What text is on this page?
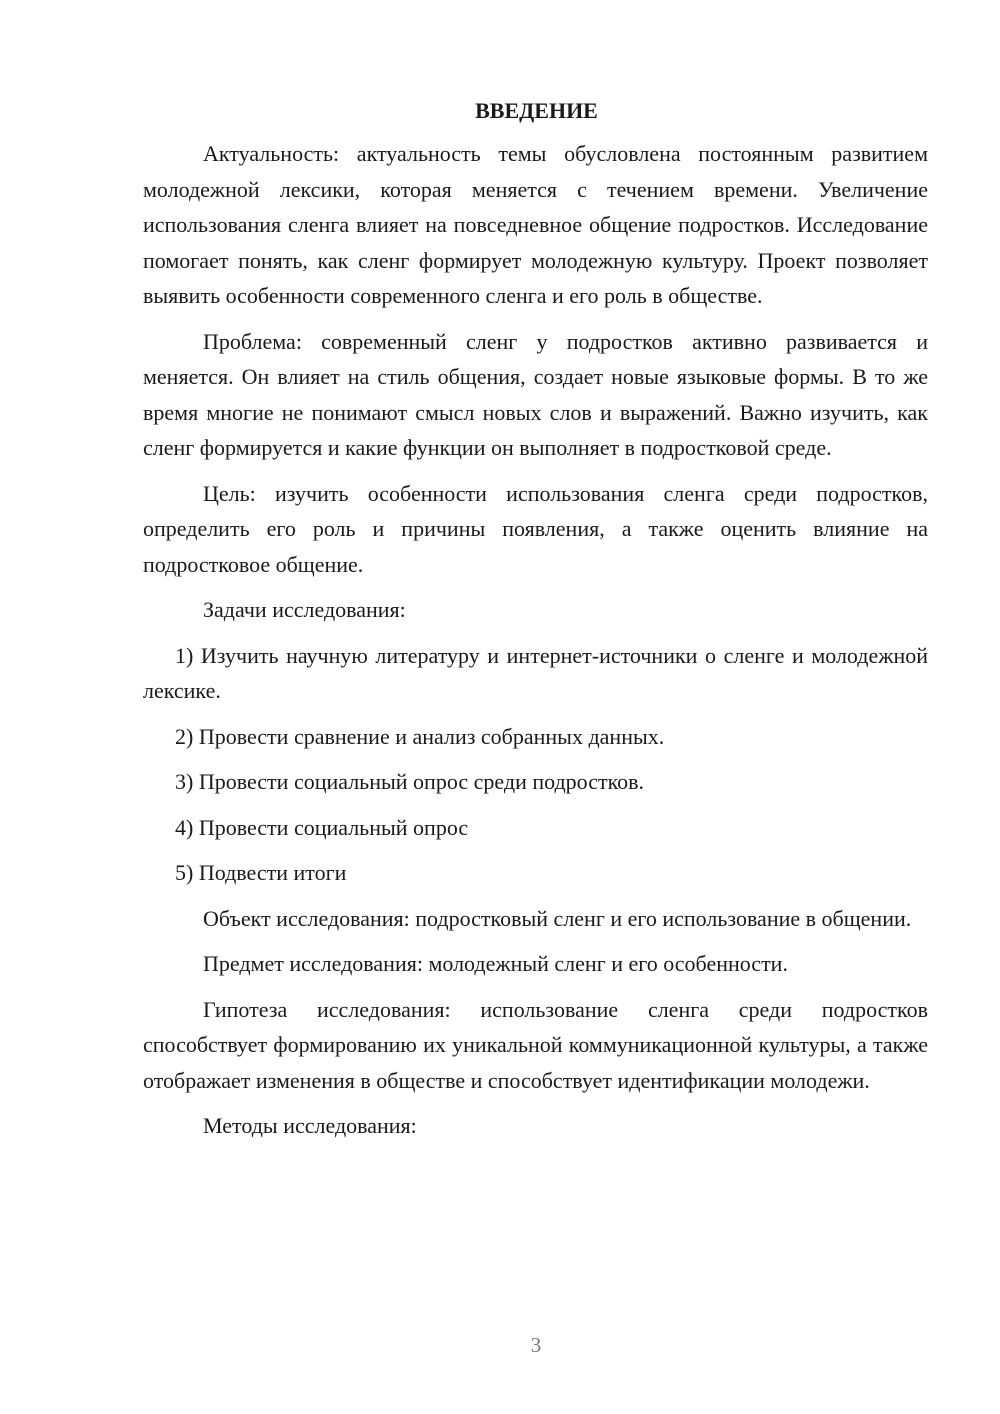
ВВЕДЕНИЕ

Актуальность: актуальность темы обусловлена постоянным развитием молодежной лексики, которая меняется с течением времени. Увеличение использования сленга влияет на повседневное общение подростков. Исследование помогает понять, как сленг формирует молодежную культуру. Проект позволяет выявить особенности современного сленга и его роль в обществе.

Проблема: современный сленг у подростков активно развивается и меняется. Он влияет на стиль общения, создает новые языковые формы. В то же время многие не понимают смысл новых слов и выражений. Важно изучить, как сленг формируется и какие функции он выполняет в подростковой среде.

Цель: изучить особенности использования сленга среди подростков, определить его роль и причины появления, а также оценить влияние на подростковое общение.

Задачи исследования:

1) Изучить научную литературу и интернет-источники о сленге и молодежной лексике.

2) Провести сравнение и анализ собранных данных.

3) Провести социальный опрос среди подростков.

4) Провести социальный опрос

5) Подвести итоги

Объект исследования: подростковый сленг и его использование в общении.

Предмет исследования: молодежный сленг и его особенности.

Гипотеза исследования: использование сленга среди подростков способствует формированию их уникальной коммуникационной культуры, а также отображает изменения в обществе и способствует идентификации молодежи.

Методы исследования:

3
